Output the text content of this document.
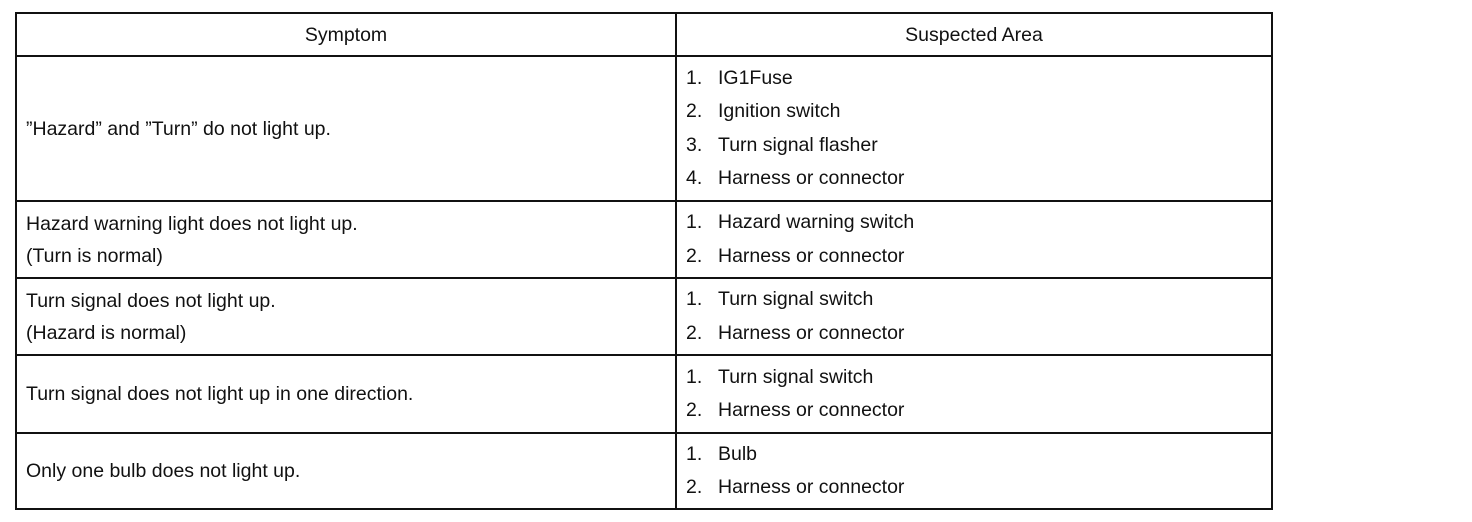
Symptom	Suspected Area
”Hazard” and ”Turn” do not light up.
1. IG1Fuse
2. Ignition switch
3. Turn signal flasher
4. Harness or connector
Hazard warning light does not light up.
(Turn is normal)
1. Hazard warning switch
2. Harness or connector
Turn signal does not light up.
(Hazard is normal)
1. Turn signal switch
2. Harness or connector
Turn signal does not light up in one direction.
1. Turn signal switch
2. Harness or connector
Only one bulb does not light up.
1. Bulb
2. Harness or connector
